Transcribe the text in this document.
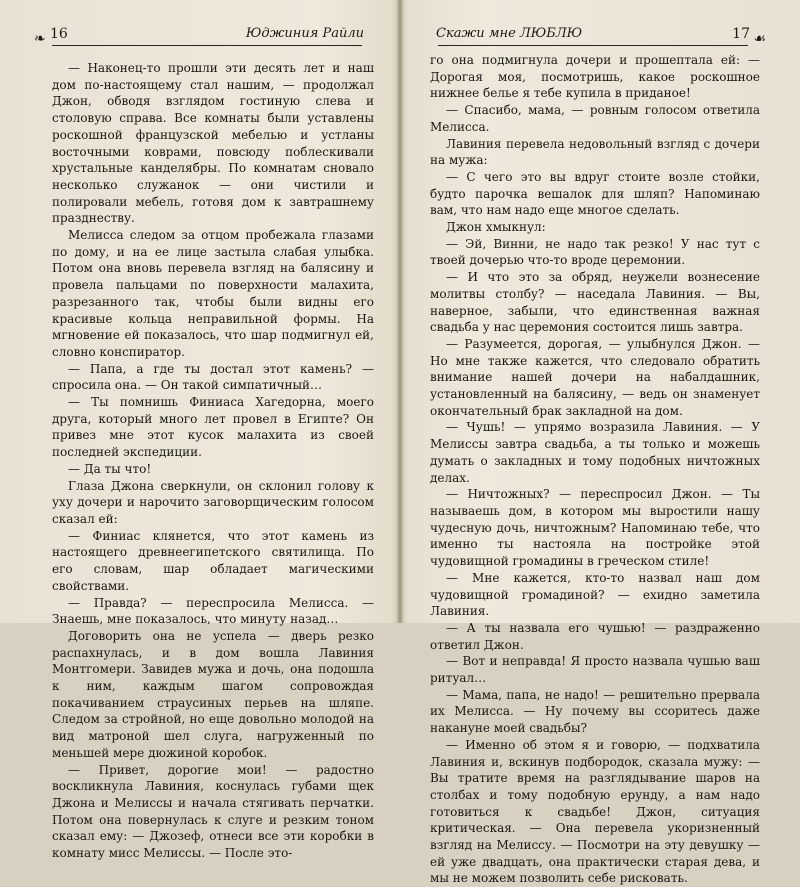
❧ 16	Юджиния Райли

— Наконец-то прошли эти десять лет и наш дом по-настоящему стал нашим, — продолжал Джон, обводя взглядом гостиную слева и столовую справа. Все комнаты были уставлены роскошной французской мебелью и устланы восточными коврами, повсюду поблескивали хрустальные канделябры. По комнатам сновало несколько служанок — они чистили и полировали мебель, готовя дом к завтрашнему празднеству.

Мелисса следом за отцом пробежала глазами по дому, и на ее лице застыла слабая улыбка. Потом она вновь перевела взгляд на балясину и провела пальцами по поверхности малахита, разрезанного так, чтобы были видны его красивые кольца неправильной формы. На мгновение ей показалось, что шар подмигнул ей, словно конспиратор.

— Папа, а где ты достал этот камень? — спросила она. — Он такой симпатичный…

— Ты помнишь Финиаса Хагедорна, моего друга, который много лет провел в Египте? Он привез мне этот кусок малахита из своей последней экспедиции.

— Да ты что!

Глаза Джона сверкнули, он склонил голову к уху дочери и нарочито заговорщическим голосом сказал ей:

— Финиас клянется, что этот камень из настоящего древнеегипетского святилища. По его словам, шар обладает магическими свойствами.

— Правда? — переспросила Мелисса. — Знаешь, мне показалось, что минуту назад…

Договорить она не успела — дверь резко распахнулась, и в дом вошла Лавиния Монтгомери. Завидев мужа и дочь, она подошла к ним, каждым шагом сопровождая покачиванием страусиных перьев на шляпе. Следом за стройной, но еще довольно молодой на вид матроной шел слуга, нагруженный по меньшей мере дюжиной коробок.

— Привет, дорогие мои! — радостно воскликнула Лавиния, коснулась губами щек Джона и Мелиссы и начала стягивать перчатки. Потом она повернулась к слуге и резким тоном сказал ему: — Джозеф, отнеси все эти коробки в комнату мисс Мелиссы. — После это-

Скажи мне ЛЮБЛЮ	17 ☙

го она подмигнула дочери и прошептала ей: — Дорогая моя, посмотришь, какое роскошное нижнее белье я тебе купила в приданое!

— Спасибо, мама, — ровным голосом ответила Мелисса.

Лавиния перевела недовольный взгляд с дочери на мужа:

— С чего это вы вдруг стоите возле стойки, будто парочка вешалок для шляп? Напоминаю вам, что нам надо еще многое сделать.

Джон хмыкнул:

— Эй, Винни, не надо так резко! У нас тут с твоей дочерью что-то вроде церемонии.

— И что это за обряд, неужели вознесение молитвы столбу? — наседала Лавиния. — Вы, наверное, забыли, что единственная важная свадьба у нас церемония состоится лишь завтра.

— Разумеется, дорогая, — улыбнулся Джон. — Но мне также кажется, что следовало обратить внимание нашей дочери на набалдашник, установленный на балясину, — ведь он знаменует окончательный брак закладной на дом.

— Чушь! — упрямо возразила Лавиния. — У Мелиссы завтра свадьба, а ты только и можешь думать о закладных и тому подобных ничтожных делах.

— Ничтожных? — переспросил Джон. — Ты называешь дом, в котором мы выростили нашу чудесную дочь, ничтожным? Напоминаю тебе, что именно ты настояла на постройке этой чудовищной громадины в греческом стиле!

— Мне кажется, кто-то назвал наш дом чудовищной громадиной? — ехидно заметила Лавиния.

— А ты назвала его чушью! — раздраженно ответил Джон.

— Вот и неправда! Я просто назвала чушью ваш ритуал…

— Мама, папа, не надо! — решительно прервала их Мелисса. — Ну почему вы ссоритесь даже накануне моей свадьбы?

— Именно об этом я и говорю, — подхватила Лавиния и, вскинув подбородок, сказала мужу: — Вы тратите время на разглядывание шаров на столбах и тому подобную ерунду, а нам надо готовиться к свадьбе! Джон, ситуация критическая. — Она перевела укоризненный взгляд на Мелиссу. — Посмотри на эту девушку — ей уже двадцать, она практически старая дева, и мы не можем позволить себе рисковать.
